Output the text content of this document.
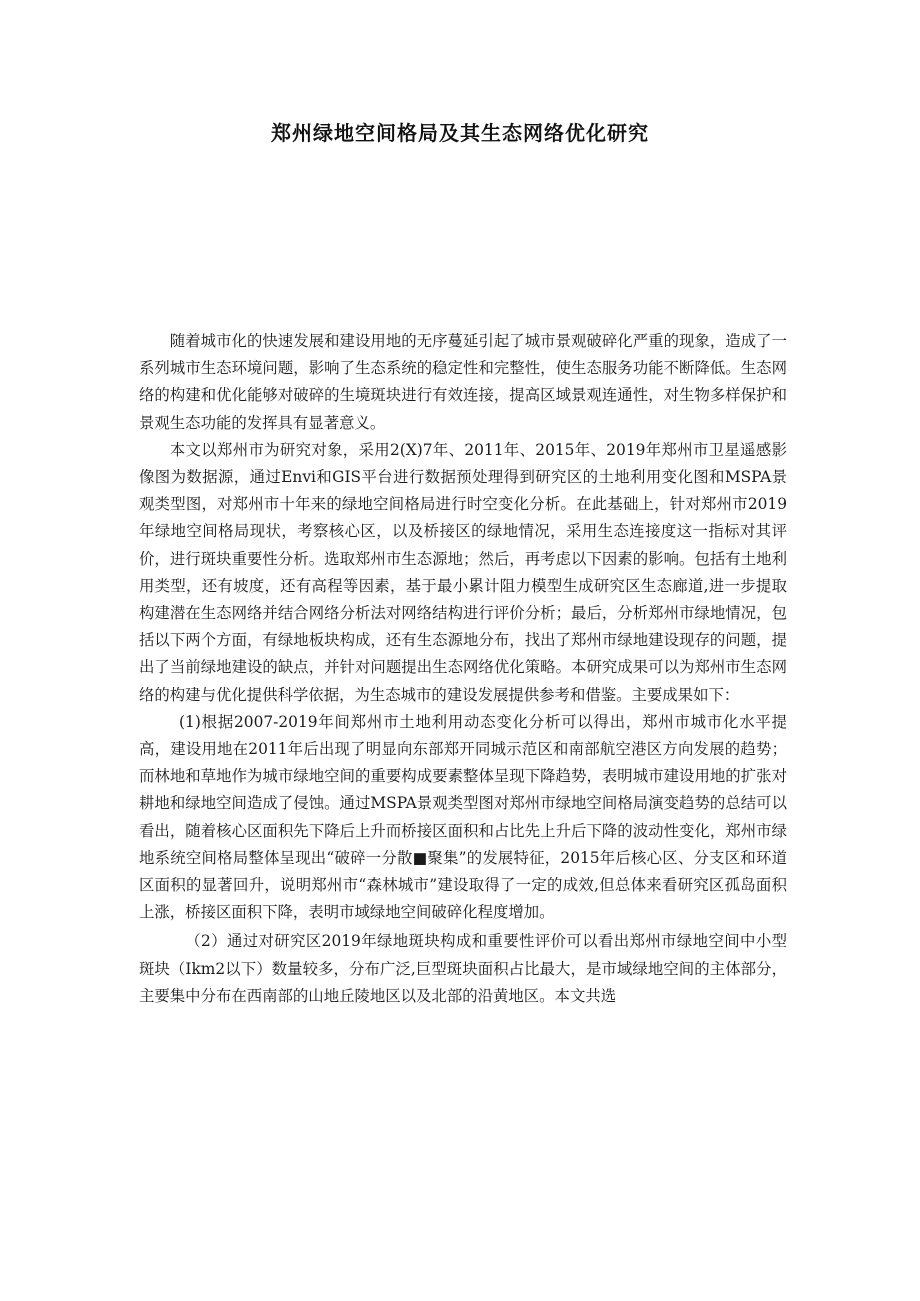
郑州绿地空间格局及其生态网络优化研究

随着城市化的快速发展和建设用地的无序蔓延引起了城市景观破碎化严重的现象，造成了一系列城市生态环境问题，影响了生态系统的稳定性和完整性，使生态服务功能不断降低。生态网络的构建和优化能够对破碎的生境斑块进行有效连接，提高区域景观连通性，对生物多样保护和景观生态功能的发挥具有显著意义。

本文以郑州市为研究对象，采用2(X)7年、2011年、2015年、2019年郑州市卫星遥感影像图为数据源，通过Envi和GIS平台进行数据预处理得到研究区的土地利用变化图和MSPA景观类型图，对郑州市十年来的绿地空间格局进行时空变化分析。在此基础上，针对郑州市2019年绿地空间格局现状，考察核心区，以及桥接区的绿地情况，采用生态连接度这一指标对其评价，进行斑块重要性分析。选取郑州市生态源地；然后，再考虑以下因素的影响。包括有土地利用类型，还有坡度，还有高程等因素，基于最小累计阻力模型生成研究区生态廊道,进一步提取构建潜在生态网络并结合网络分析法对网络结构进行评价分析；最后，分析郑州市绿地情况，包括以下两个方面，有绿地板块构成，还有生态源地分布，找出了郑州市绿地建设现存的问题，提出了当前绿地建设的缺点，并针对问题提出生态网络优化策略。本研究成果可以为郑州市生态网络的构建与优化提供科学依据，为生态城市的建设发展提供参考和借鉴。主要成果如下：

(1)根据2007-2019年间郑州市土地利用动态变化分析可以得出，郑州市城市化水平提高，建设用地在2011年后出现了明显向东部郑开同城示范区和南部航空港区方向发展的趋势；而林地和草地作为城市绿地空间的重要构成要素整体呈现下降趋势，表明城市建设用地的扩张对耕地和绿地空间造成了侵蚀。通过MSPA景观类型图对郑州市绿地空间格局演变趋势的总结可以看出，随着核心区面积先下降后上升而桥接区面积和占比先上升后下降的波动性变化，郑州市绿地系统空间格局整体呈现出“破碎一分散■聚集”的发展特征，2015年后核心区、分支区和环道区面积的显著回升，说明郑州市“森林城市”建设取得了一定的成效,但总体来看研究区孤岛面积上涨，桥接区面积下降，表明市域绿地空间破碎化程度增加。

（2）通过对研究区2019年绿地斑块构成和重要性评价可以看出郑州市绿地空间中小型斑块（Ikm2以下）数量较多，分布广泛,巨型斑块面积占比最大，是市域绿地空间的主体部分，主要集中分布在西南部的山地丘陵地区以及北部的沿黄地区。本文共选
